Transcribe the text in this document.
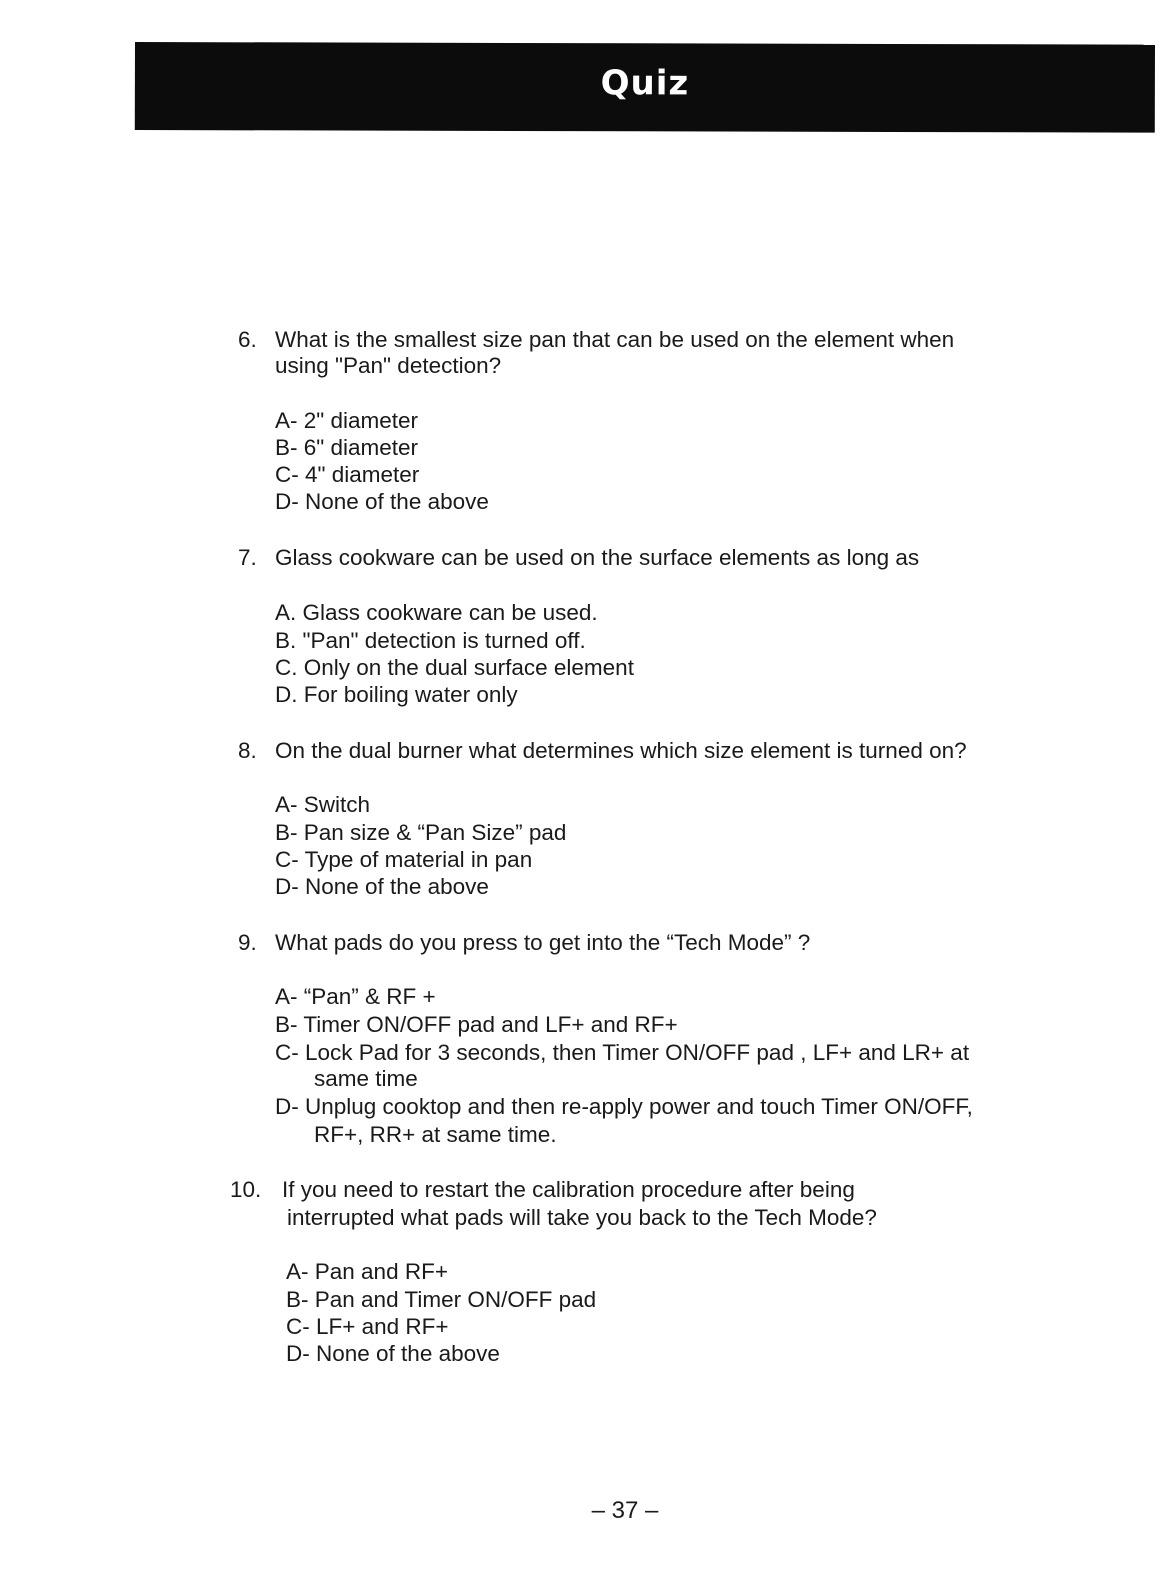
Quiz
6. What is the smallest size pan that can be used on the element when
using "Pan" detection?
A- 2" diameter
B- 6" diameter
C- 4" diameter
D- None of the above
7. Glass cookware can be used on the surface elements as long as
A. Glass cookware can be used.
B. "Pan" detection is turned off.
C. Only on the dual surface element
D. For boiling water only
8. On the dual burner what determines which size element is turned on?
A- Switch
B- Pan size & “Pan Size” pad
C- Type of material in pan
D- None of the above
9. What pads do you press to get into the “Tech Mode” ?
A- “Pan” & RF +
B- Timer ON/OFF pad and LF+ and RF+
C- Lock Pad for 3 seconds, then Timer ON/OFF pad , LF+ and LR+ at
same time
D- Unplug cooktop and then re-apply power and touch Timer ON/OFF,
RF+, RR+ at same time.
10. If you need to restart the calibration procedure after being
interrupted what pads will take you back to the Tech Mode?
A- Pan and RF+
B- Pan and Timer ON/OFF pad
C- LF+ and RF+
D- None of the above
– 37 –
